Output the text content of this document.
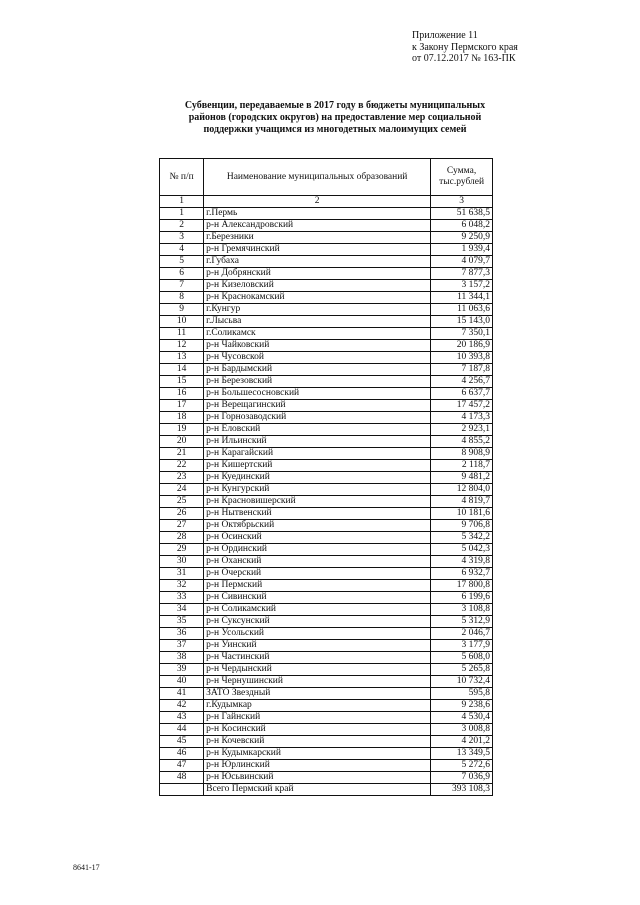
Приложение 11
к Закону Пермского края
от 07.12.2017 № 163-ПК
Субвенции, передаваемые в 2017 году в бюджеты муниципальных
районов (городских округов) на предоставление мер социальной
поддержки учащимся из многодетных малоимущих семей
№ п/п	Наименование муниципальных образований	Сумма, тыс.рублей
1	2	3
1	г.Пермь	51 638,5
2	р-н Александровский	6 048,2
3	г.Березники	9 250,9
4	р-н Гремячинский	1 939,4
5	г.Губаха	4 079,7
6	р-н Добрянский	7 877,3
7	р-н Кизеловский	3 157,2
8	р-н Краснокамский	11 344,1
9	г.Кунгур	11 063,6
10	г.Лысьва	15 143,0
11	г.Соликамск	7 350,1
12	р-н Чайковский	20 186,9
13	р-н Чусовской	10 393,8
14	р-н Бардымский	7 187,8
15	р-н Березовский	4 256,7
16	р-н Большесосновский	6 637,7
17	р-н Верещагинский	17 457,2
18	р-н Горнозаводский	4 173,3
19	р-н Еловский	2 923,1
20	р-н Ильинский	4 855,2
21	р-н Карагайский	8 908,9
22	р-н Кишертский	2 118,7
23	р-н Куединский	9 481,2
24	р-н Кунгурский	12 804,0
25	р-н Красновишерский	4 819,7
26	р-н Нытвенский	10 181,6
27	р-н Октябрьский	9 706,8
28	р-н Осинский	5 342,2
29	р-н Ординский	5 042,3
30	р-н Оханский	4 319,8
31	р-н Очерский	6 932,7
32	р-н Пермский	17 800,8
33	р-н Сивинский	6 199,6
34	р-н Соликамский	3 108,8
35	р-н Суксунский	5 312,9
36	р-н Усольский	2 046,7
37	р-н Уинский	3 177,9
38	р-н Частинский	5 608,0
39	р-н Чердынский	5 265,8
40	р-н Чернушинский	10 732,4
41	ЗАТО Звездный	595,8
42	г.Кудымкар	9 238,6
43	р-н Гайнский	4 530,4
44	р-н Косинский	3 008,8
45	р-н Кочевский	4 201,2
46	р-н Кудымкарский	13 349,5
47	р-н Юрлинский	5 272,6
48	р-н Юсьвинский	7 036,9
	Всего Пермский край	393 108,3
8641-17
